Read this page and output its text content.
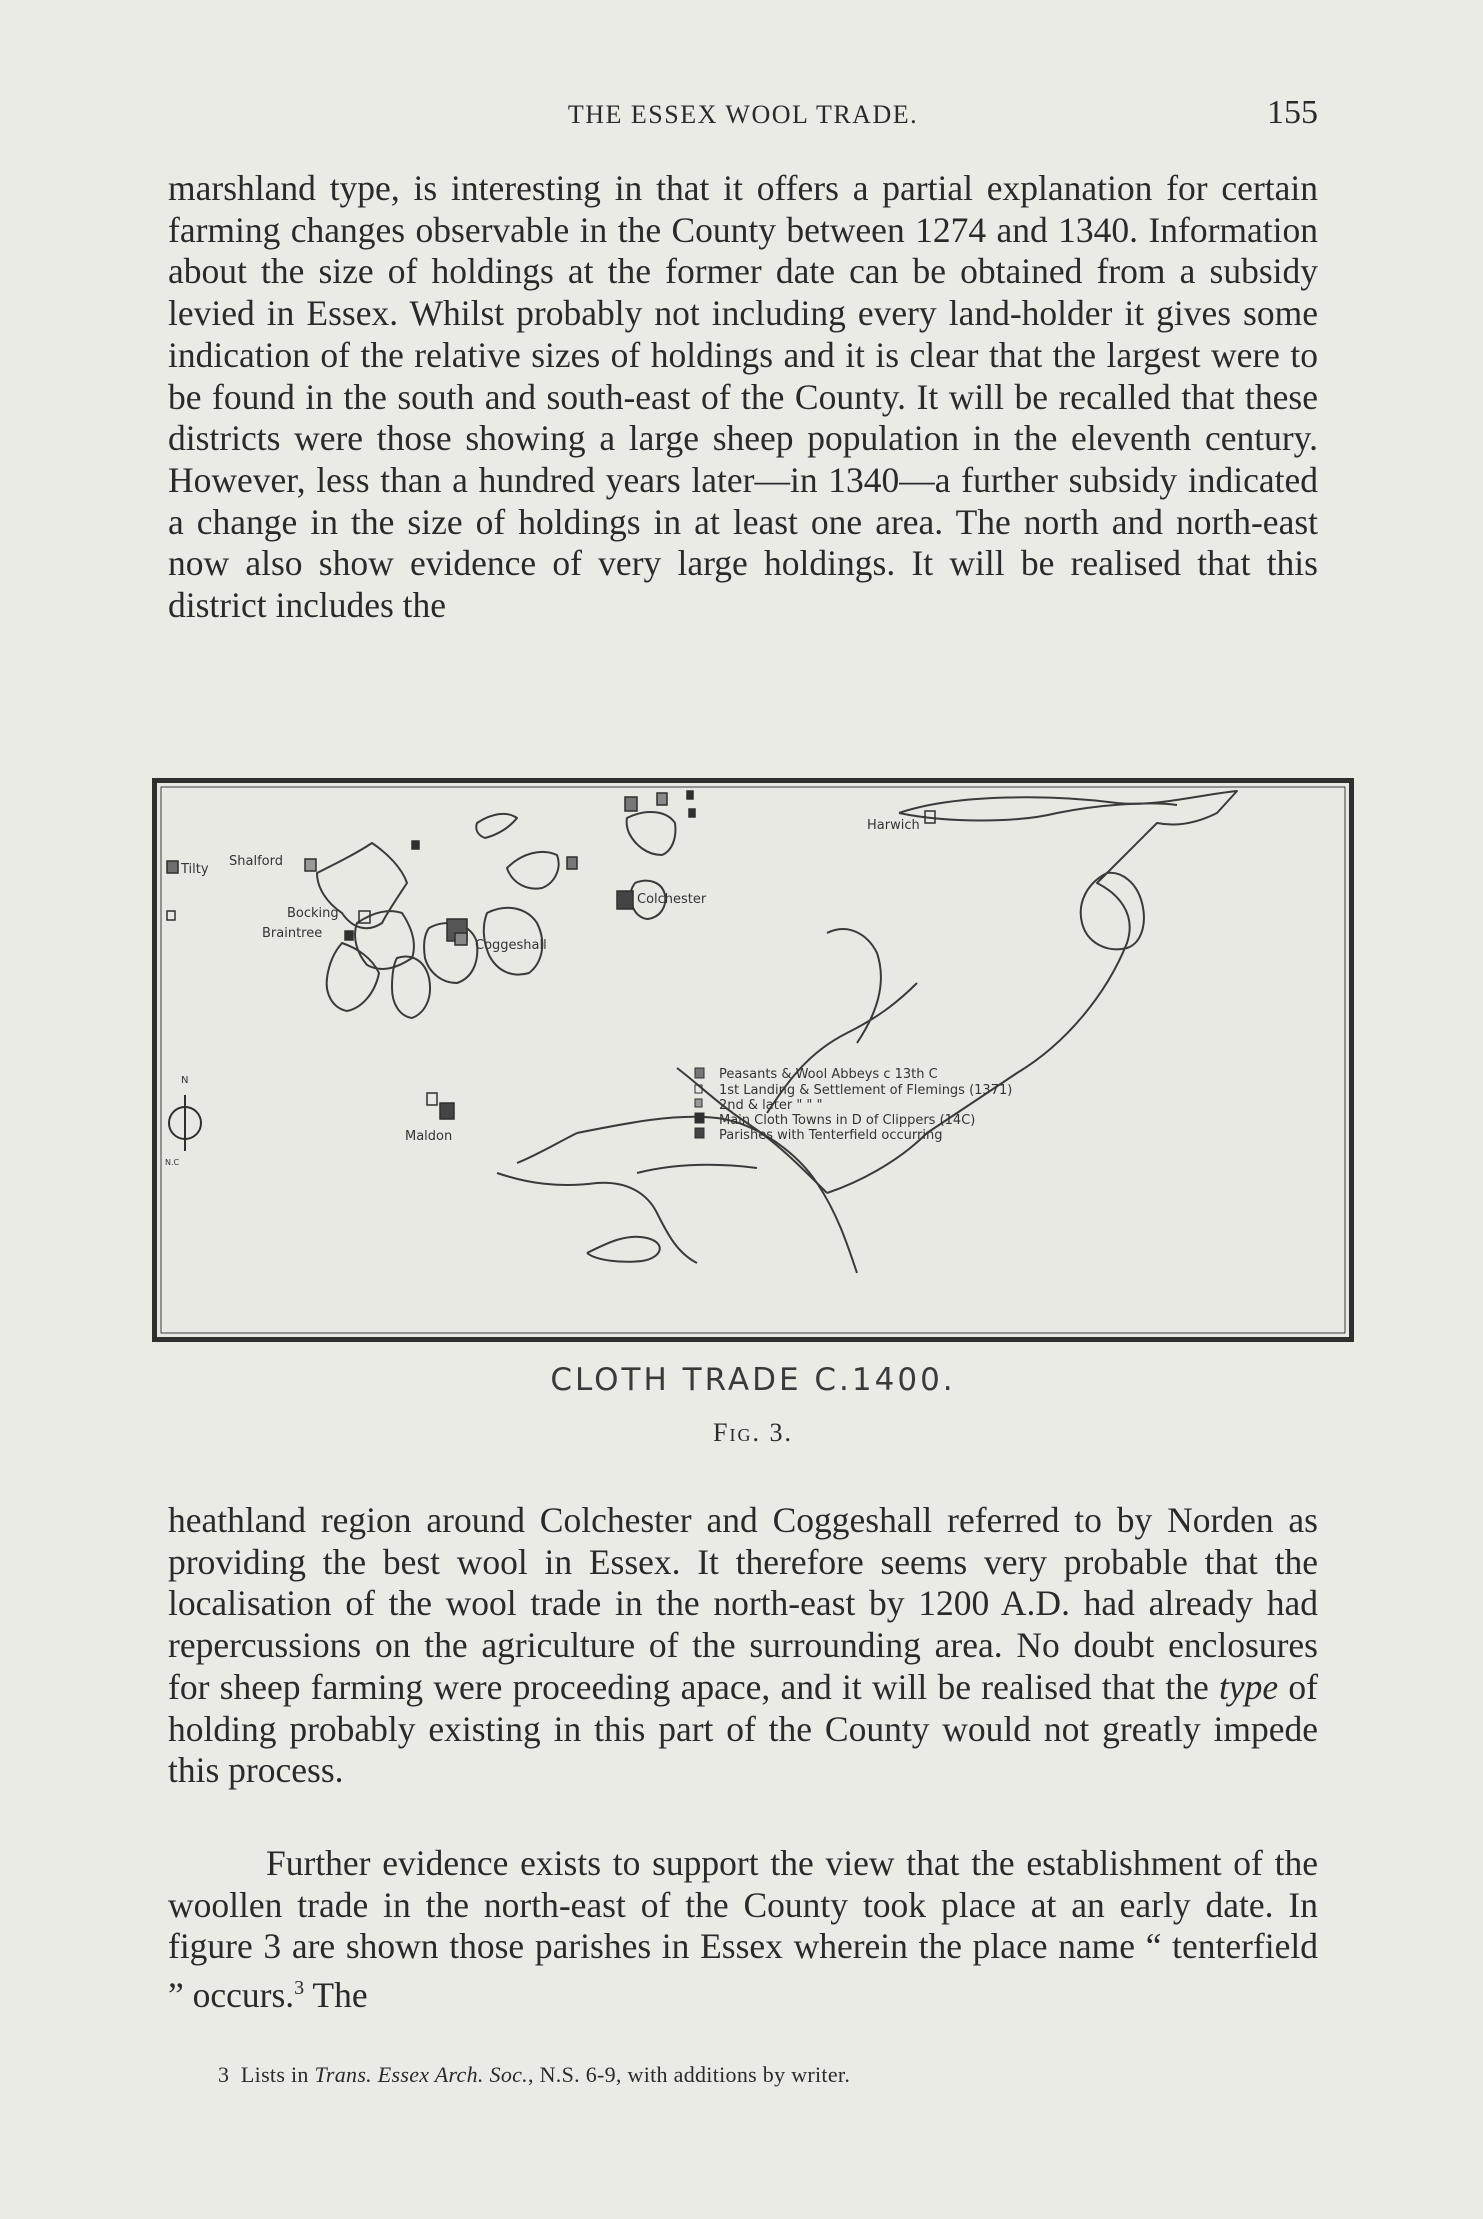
THE ESSEX WOOL TRADE.	155

marshland type, is interesting in that it offers a partial explanation for certain farming changes observable in the County between 1274 and 1340. Information about the size of holdings at the former date can be obtained from a subsidy levied in Essex. Whilst probably not including every land-holder it gives some indication of the relative sizes of holdings and it is clear that the largest were to be found in the south and south-east of the County. It will be recalled that these districts were those showing a large sheep population in the eleventh century. However, less than a hundred years later—in 1340—a further subsidy indicated a change in the size of holdings in at least one area. The north and north-east now also show evidence of very large holdings. It will be realised that this district includes the

Tilty
Shalford
Bocking
Braintree
Coggeshall
Colchester
Harwich
Maldon
N
N.C
Peasants & Wool Abbeys c 13th C
1st Landing & Settlement of Flemings (1371)
2nd & later " " "
Main Cloth Towns in D of Clippers (14C)
Parishes with Tenterfield occurring
CLOTH TRADE C.1400.
Fig. 3.

heathland region around Colchester and Coggeshall referred to by Norden as providing the best wool in Essex. It therefore seems very probable that the localisation of the wool trade in the north-east by 1200 A.D. had already had repercussions on the agriculture of the surrounding area. No doubt enclosures for sheep farming were proceeding apace, and it will be realised that the type of holding probably existing in this part of the County would not greatly impede this process.

Further evidence exists to support the view that the establishment of the woollen trade in the north-east of the County took place at an early date. In figure 3 are shown those parishes in Essex wherein the place name “ tenterfield ” occurs.$^3$ The
3 Lists in Trans. Essex Arch. Soc., N.S. 6-9, with additions by writer.
